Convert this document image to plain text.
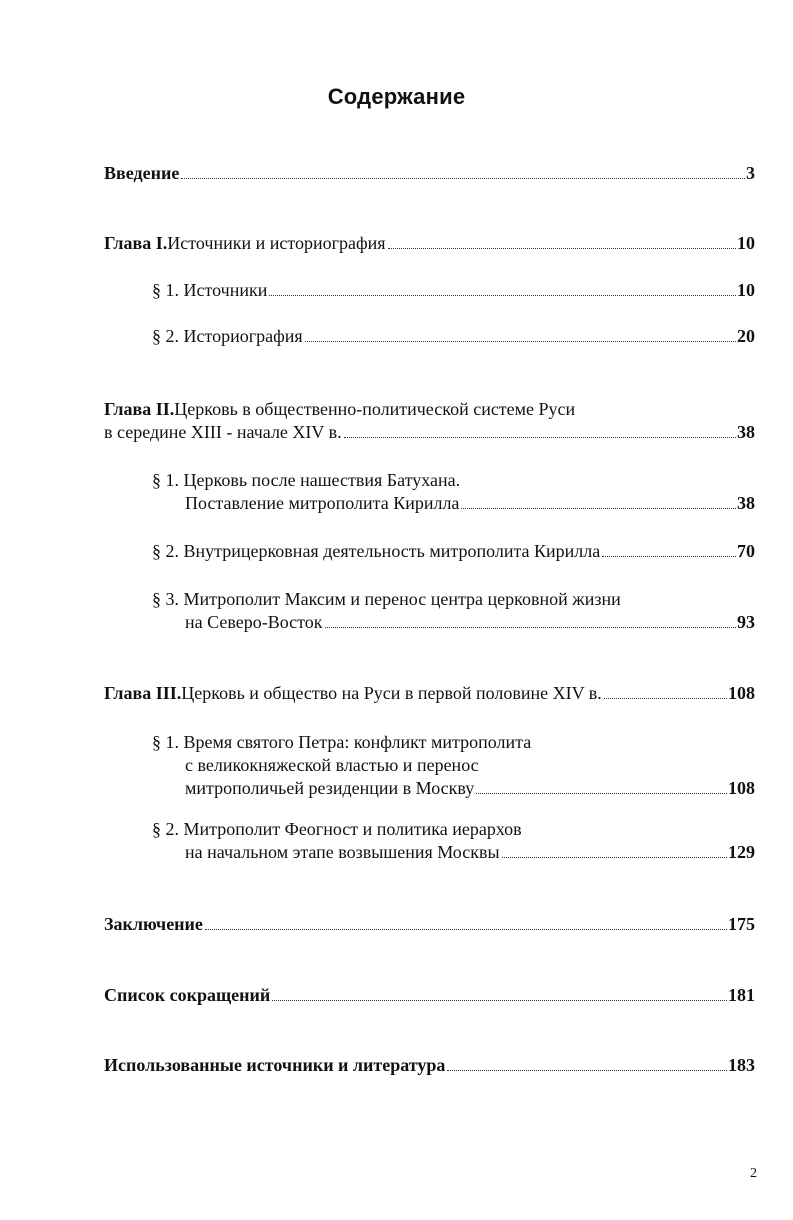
Содержание
Введение	3
Глава I. Источники и историография	10
§ 1. Источники	10
§ 2. Историография	20
Глава II. Церковь в общественно-политической системе Руси
в середине XIII - начале XIV в.	38
§ 1. Церковь после нашествия Батухана.
Поставление митрополита Кирилла	38
§ 2. Внутрицерковная деятельность митрополита Кирилла	70
§ 3. Митрополит Максим и перенос центра церковной жизни
на Северо-Восток	93
Глава III. Церковь и общество на Руси в первой половине XIV в.	108
§ 1. Время святого Петра: конфликт митрополита
с великокняжеской властью и перенос
митрополичьей резиденции в Москву	108
§ 2. Митрополит Феогност и политика иерархов
на начальном этапе возвышения Москвы	129
Заключение	175
Список сокращений	181
Использованные источники и литература	183
2
